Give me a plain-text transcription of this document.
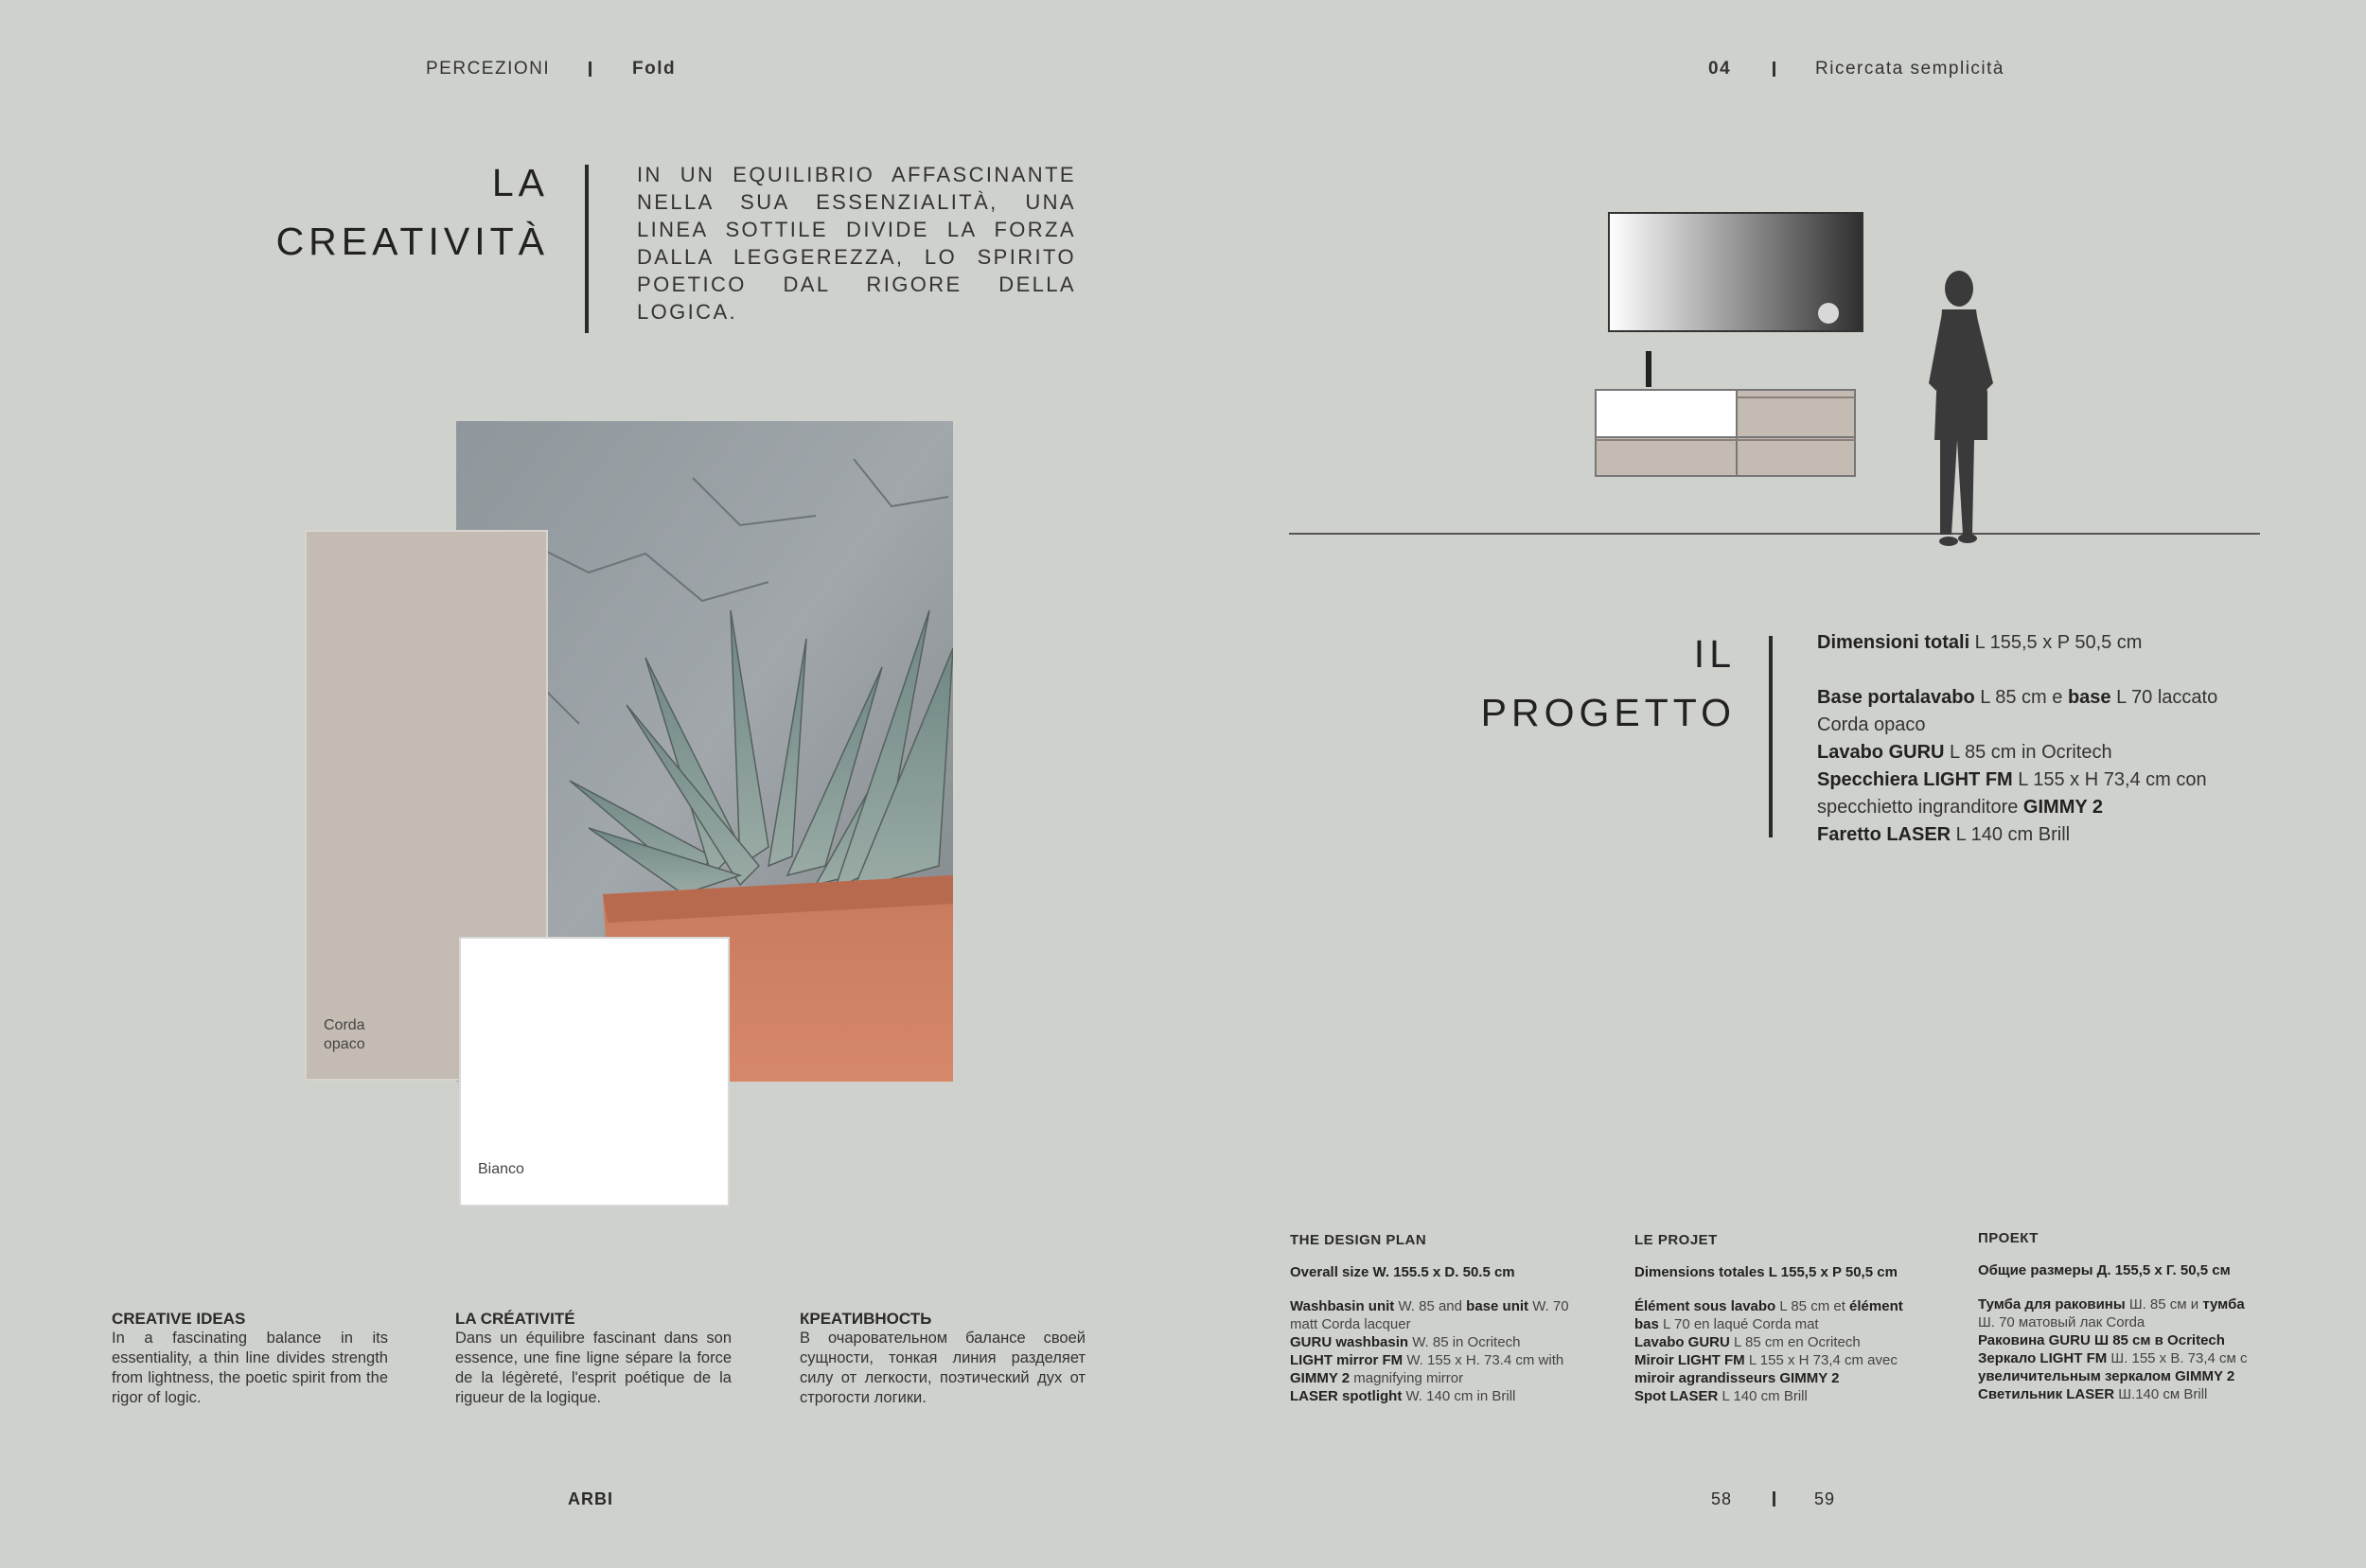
PERCEZIONI	Fold	04	Ricercata semplicità
LA
CREATIVITÀ
IN UN EQUILIBRIO AFFASCINANTE NELLA SUA ESSENZIALITÀ, UNA LINEA SOTTILE DIVIDE LA FORZA DALLA LEGGEREZZA, LO SPIRITO POETICO DAL RIGORE DELLA LOGICA.
Corda
opaco
Bianco
CREATIVE IDEAS
In a fascinating balance in its essentiality, a thin line divides strength from lightness, the poetic spirit from the rigor of logic.
LA CRÉATIVITÉ
Dans un équilibre fascinant dans son essence, une fine ligne sépare la force de la légèreté, l'esprit poétique de la rigueur de la logique.
КРЕАТИВНОСТЬ
В очаровательном балансе своей сущности, тонкая линия разделяет силу от легкости, поэтический дух от строгости логики.
IL
PROGETTO
Dimensioni totali L 155,5 x P 50,5 cm
Base portalavabo L 85 cm e base L 70 laccato Corda opaco
Lavabo GURU L 85 cm in Ocritech
Specchiera LIGHT FM L 155 x H 73,4 cm con specchietto ingranditore GIMMY 2
Faretto LASER L 140 cm Brill
THE DESIGN PLAN
Overall size W. 155.5 x D. 50.5 cm
Washbasin unit W. 85 and base unit W. 70 matt Corda lacquer
GURU washbasin W. 85 in Ocritech
LIGHT mirror FM W. 155 x H. 73.4 cm with GIMMY 2 magnifying mirror
LASER spotlight W. 140 cm in Brill
LE PROJET
Dimensions totales L 155,5 x P 50,5 cm
Élément sous lavabo L 85 cm et élément bas L 70 en laqué Corda mat
Lavabo GURU L 85 cm en Ocritech
Miroir LIGHT FM L 155 x H 73,4 cm avec miroir agrandisseurs GIMMY 2
Spot LASER L 140 cm Brill
ПРОЕКТ
Общие размеры Д. 155,5 x Г. 50,5 см
Тумба для раковины Ш. 85 см и тумба Ш. 70 матовый лак Corda
Раковина GURU Ш 85 см в Ocritech
Зеркало LIGHT FM Ш. 155 x В. 73,4 см с увеличительным зеркалом GIMMY 2
Светильник LASER Ш.140 см Brill
ARBI	58	59
